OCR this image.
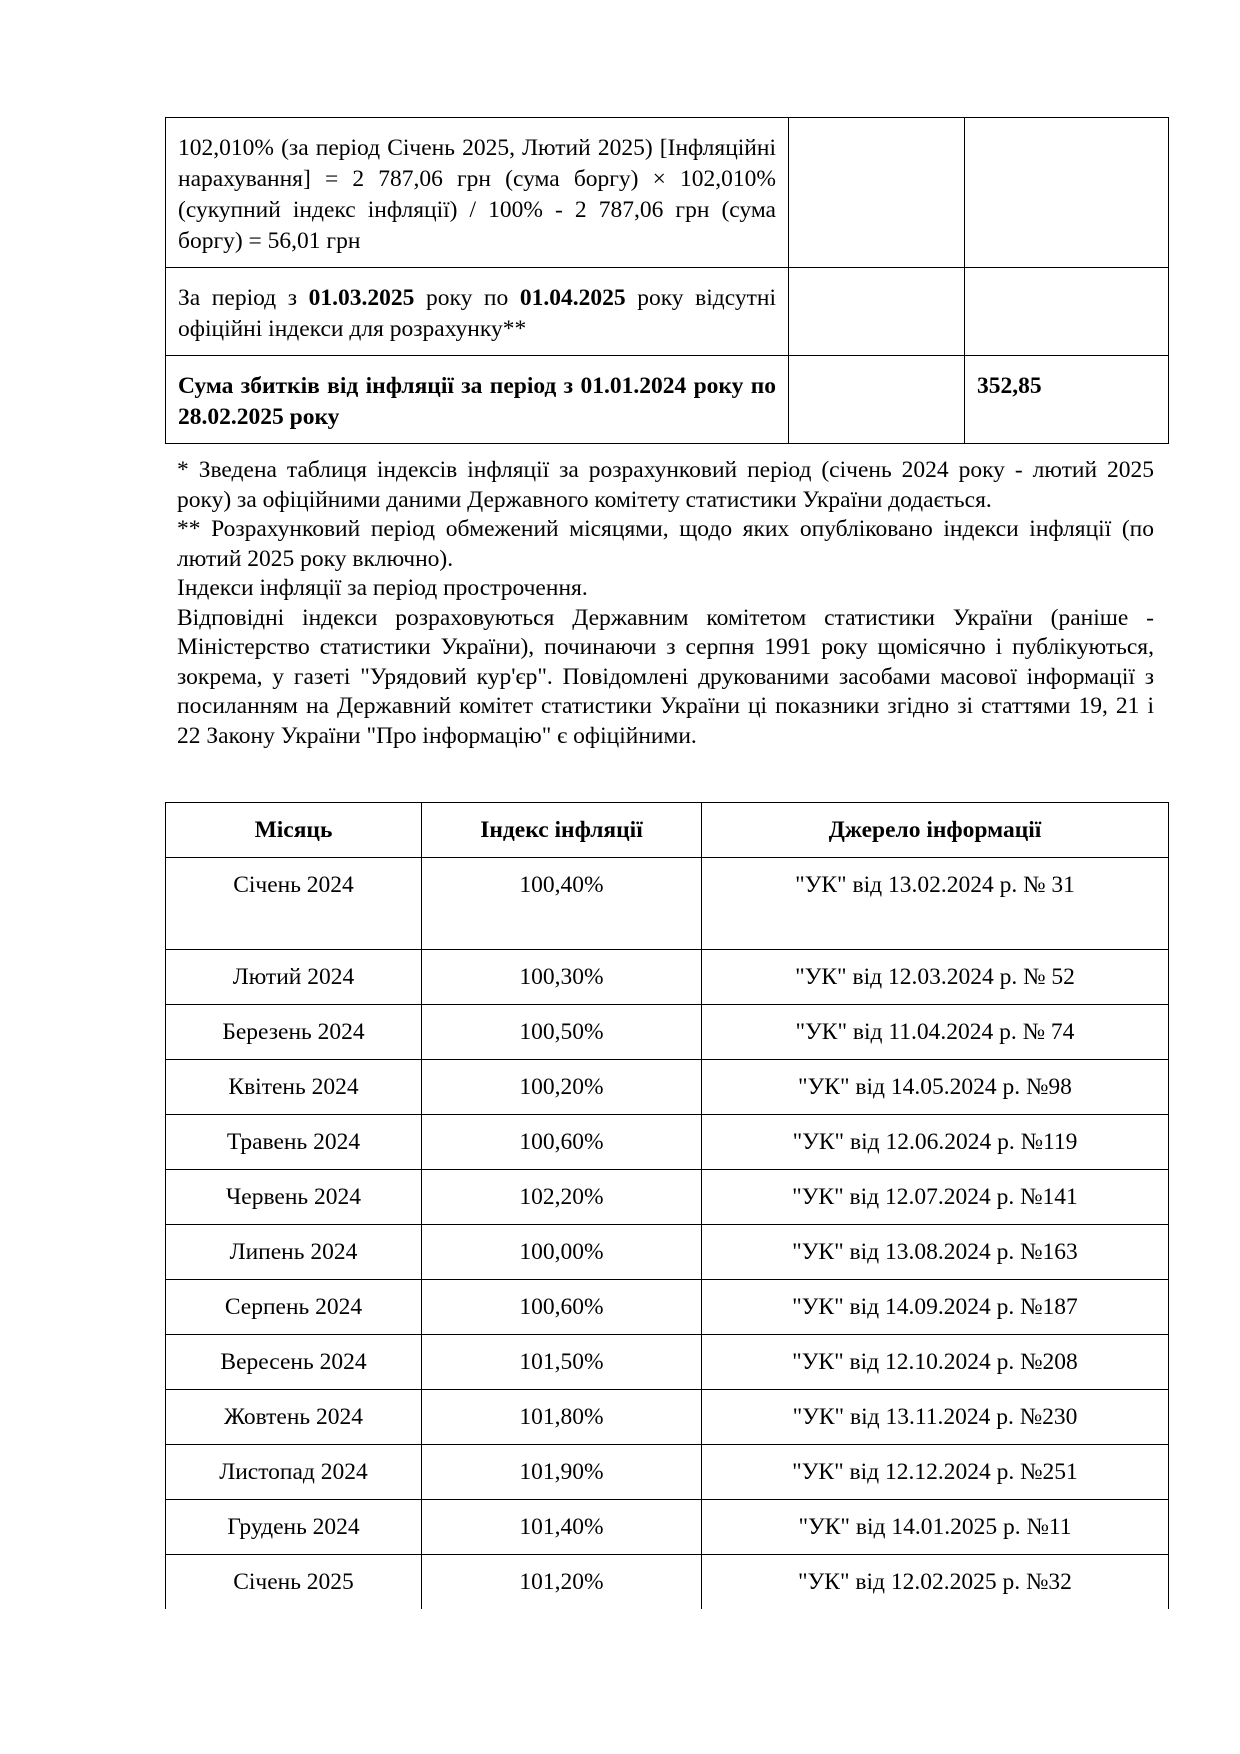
102,010% (за період Січень 2025, Лютий 2025) [Інфляційні нарахування] = 2 787,06 грн (сума боргу) × 102,010% (сукупний індекс інфляції) / 100% - 2 787,06 грн (сума боргу) = 56,01 грн		
За період з 01.03.2025 року по 01.04.2025 року відсутні офіційні індекси для розрахунку**		
Сума збитків від інфляції за період з 01.01.2024 року по 28.02.2025 року		352,85

* Зведена таблиця індексів інфляції за розрахунковий період (січень 2024 року - лютий 2025 року) за офіційними даними Державного комітету статистики України додається.

** Розрахунковий період обмежений місяцями, щодо яких опубліковано індекси інфляції (по лютий 2025 року включно).

Індекси інфляції за період прострочення.

Відповідні індекси розраховуються Державним комітетом статистики України (раніше - Міністерство статистики України), починаючи з серпня 1991 року щомісячно і публікуються, зокрема, у газеті "Урядовий кур'єр". Повідомлені друкованими засобами масової інформації з посиланням на Державний комітет статистики України ці показники згідно зі статтями 19, 21 і 22 Закону України "Про інформацію" є офіційними.

Місяць	Індекс інфляції	Джерело інформації
Січень 2024	100,40%	"УК" від 13.02.2024 р. № 31
Лютий 2024	100,30%	"УК" від 12.03.2024 р. № 52
Березень 2024	100,50%	"УК" від 11.04.2024 р. № 74
Квітень 2024	100,20%	"УК" від 14.05.2024 р. №98
Травень 2024	100,60%	"УК" від 12.06.2024 р. №119
Червень 2024	102,20%	"УК" від 12.07.2024 р. №141
Липень 2024	100,00%	"УК" від 13.08.2024 р. №163
Серпень 2024	100,60%	"УК" від 14.09.2024 р. №187
Вересень 2024	101,50%	"УК" від 12.10.2024 р. №208
Жовтень 2024	101,80%	"УК" від 13.11.2024 р. №230
Листопад 2024	101,90%	"УК" від 12.12.2024 р. №251
Грудень 2024	101,40%	"УК" від 14.01.2025 р. №11
Січень 2025	101,20%	"УК" від 12.02.2025 р. №32
